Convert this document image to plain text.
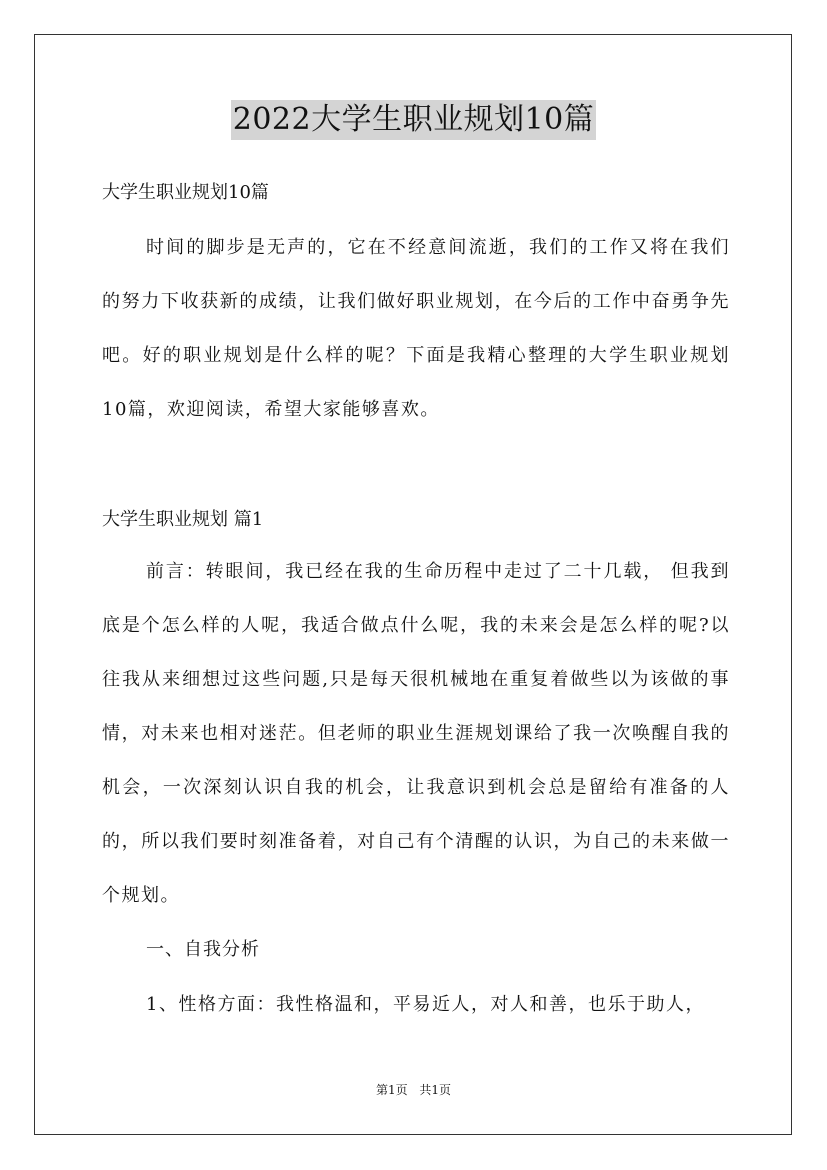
2022大学生职业规划10篇
大学生职业规划10篇

时间的脚步是无声的，它在不经意间流逝，我们的工作又将在我们的努力下收获新的成绩，让我们做好职业规划，在今后的工作中奋勇争先吧。好的职业规划是什么样的呢？下面是我精心整理的大学生职业规划10篇，欢迎阅读，希望大家能够喜欢。

大学生职业规划 篇1

前言：转眼间，我已经在我的生命历程中走过了二十几载， 但我到底是个怎么样的人呢，我适合做点什么呢，我的未来会是怎么样的呢?以往我从来细想过这些问题,只是每天很机械地在重复着做些以为该做的事情，对未来也相对迷茫。但老师的职业生涯规划课给了我一次唤醒自我的机会，一次深刻认识自我的机会，让我意识到机会总是留给有准备的人的，所以我们要时刻准备着，对自己有个清醒的认识，为自己的未来做一个规划。

一、自我分析
1、性格方面：我性格温和，平易近人，对人和善，也乐于助人，
第1页 共1页
